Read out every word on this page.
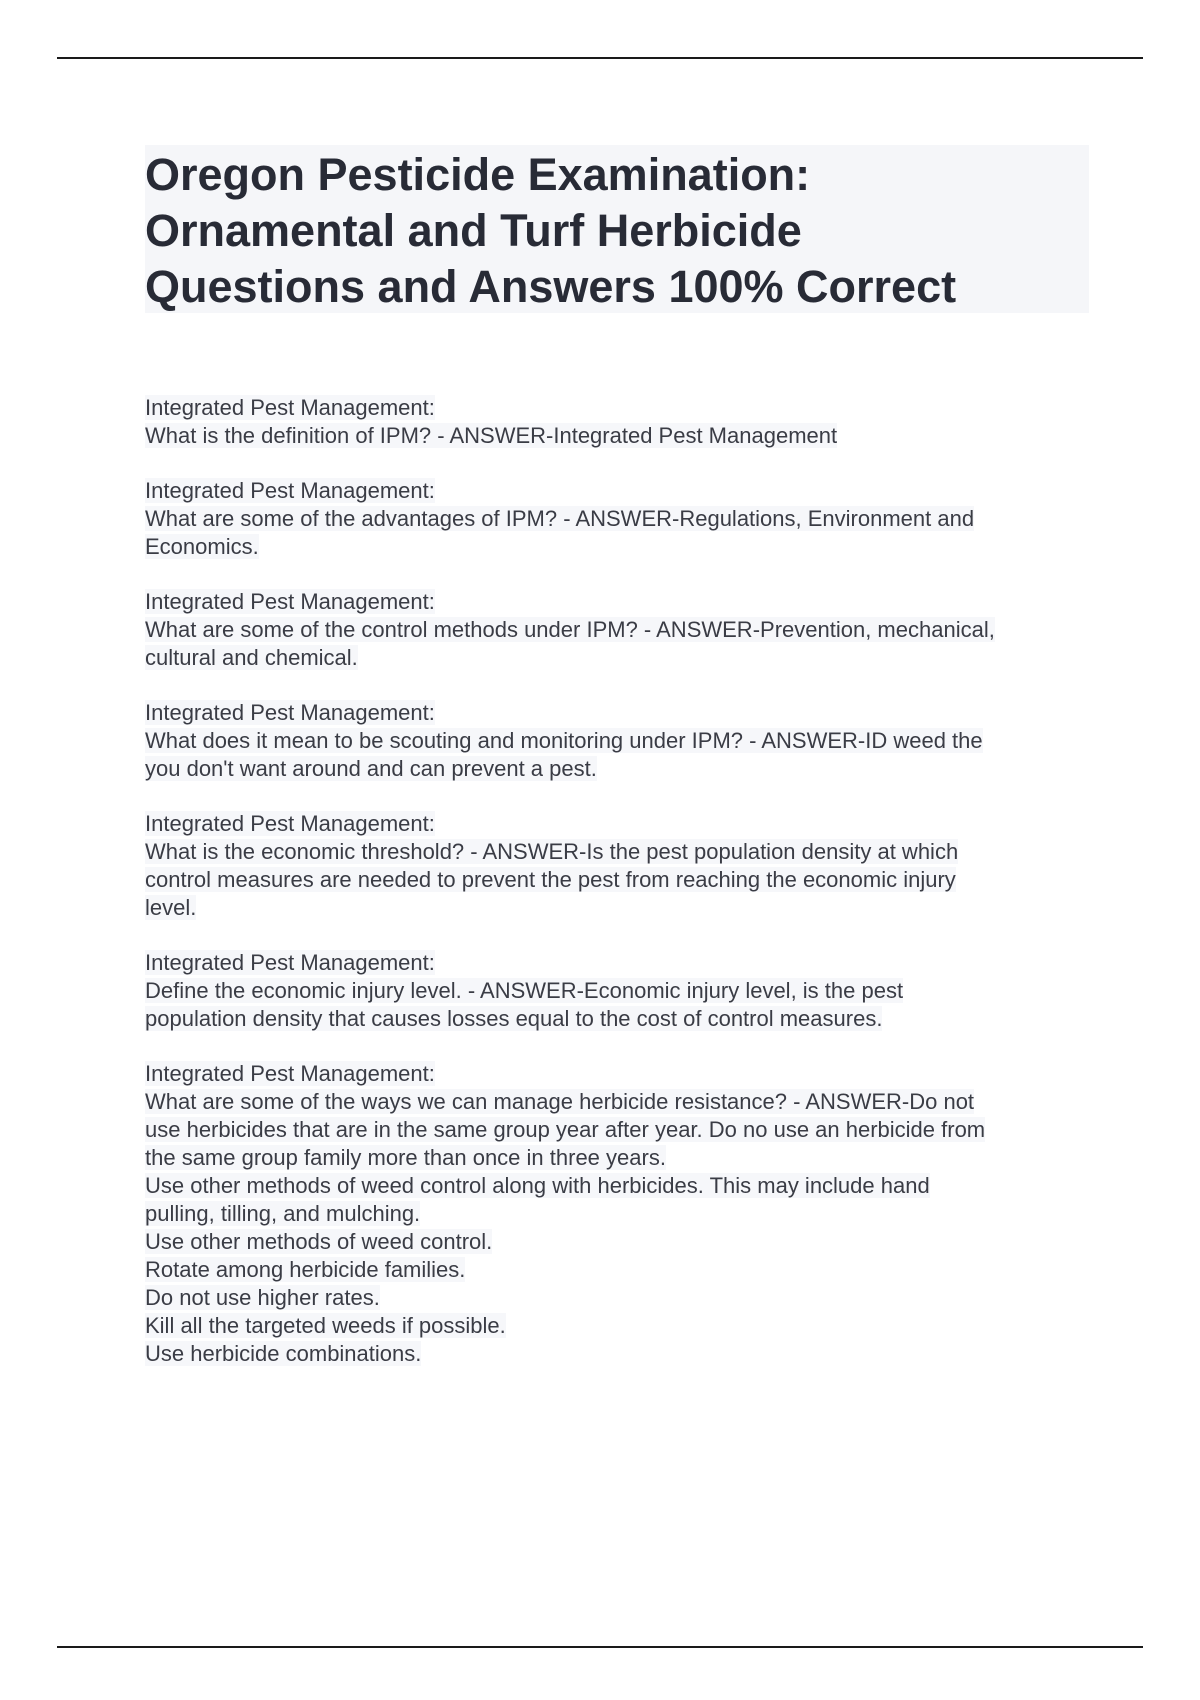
Oregon Pesticide Examination:
Ornamental and Turf Herbicide
Questions and Answers 100% Correct
Integrated Pest Management:
What is the definition of IPM? - ANSWER-Integrated Pest Management
Integrated Pest Management:
What are some of the advantages of IPM? - ANSWER-Regulations, Environment and
Economics.
Integrated Pest Management:
What are some of the control methods under IPM? - ANSWER-Prevention, mechanical,
cultural and chemical.
Integrated Pest Management:
What does it mean to be scouting and monitoring under IPM? - ANSWER-ID weed the
you don't want around and can prevent a pest.
Integrated Pest Management:
What is the economic threshold? - ANSWER-Is the pest population density at which
control measures are needed to prevent the pest from reaching the economic injury
level.
Integrated Pest Management:
Define the economic injury level. - ANSWER-Economic injury level, is the pest
population density that causes losses equal to the cost of control measures.
Integrated Pest Management:
What are some of the ways we can manage herbicide resistance? - ANSWER-Do not
use herbicides that are in the same group year after year. Do no use an herbicide from
the same group family more than once in three years.
Use other methods of weed control along with herbicides. This may include hand
pulling, tilling, and mulching.
Use other methods of weed control.
Rotate among herbicide families.
Do not use higher rates.
Kill all the targeted weeds if possible.
Use herbicide combinations.
